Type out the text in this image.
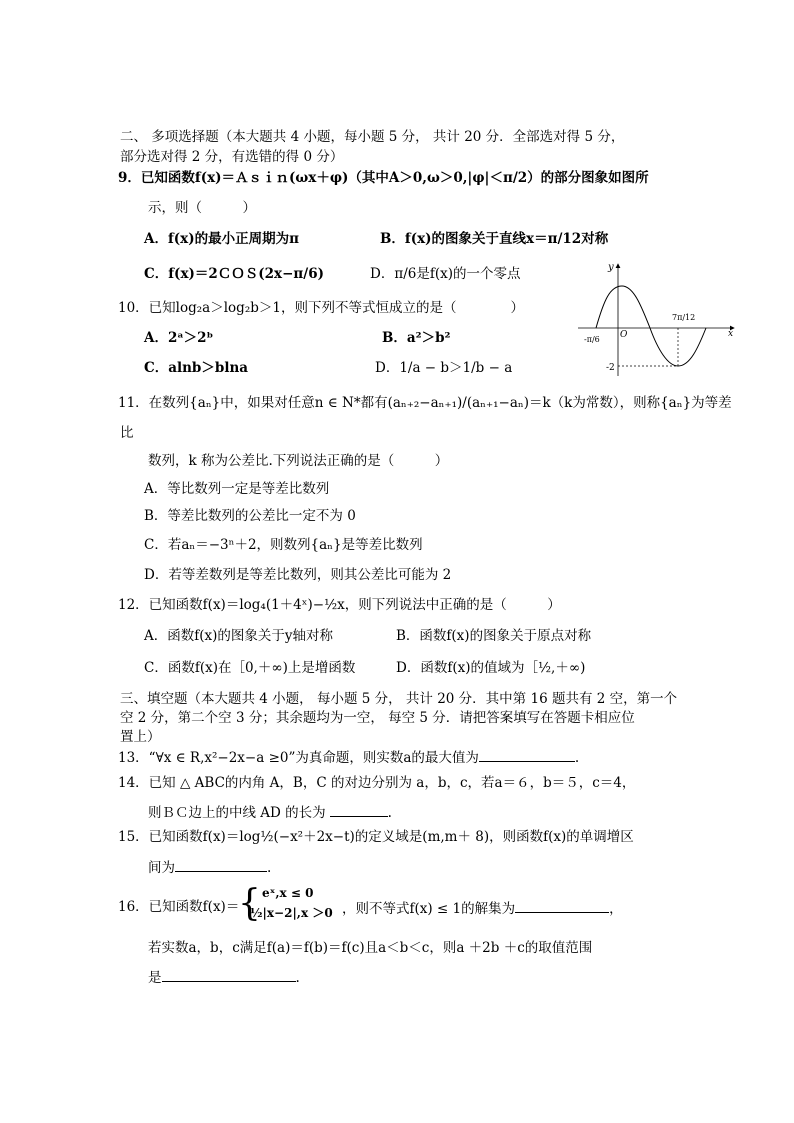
二、 多项选择题（本大题共 4 小题，每小题 5 分， 共计 20 分．全部选对得 5 分，
部分选对得 2 分，有选错的得 0 分）
9．已知函数f(x)＝Ａｓｉｎ(ωx＋φ)（其中A＞0,ω＞0,|φ|＜π/2）的部分图象如图所
示，则（　　　）
A．f(x)的最小正周期为π	B．f(x)的图象关于直线x＝π/12对称
C．f(x)＝2ＣＯＳ(2x−π/6)	D．π/6是f(x)的一个零点	y
x
O
-π/6
7π/12
-2
10．已知log₂a＞log₂b＞1，则下列不等式恒成立的是（　　　　）
A．2ᵃ＞2ᵇ	B．a²＞b²
C．alnb＞blna	D．1/a − b＞1/b − a
11．在数列{aₙ}中，如果对任意n ∈ N*都有(aₙ₊₂−aₙ₊₁)/(aₙ₊₁−aₙ)＝k（k为常数），则称{aₙ}为等差
比
数列，k 称为公差比.下列说法正确的是（　　　）
A．等比数列一定是等差比数列
B．等差比数列的公差比一定不为 0
C．若aₙ＝−3ⁿ＋2，则数列{aₙ}是等差比数列
D．若等差数列是等差比数列，则其公差比可能为 2
12．已知函数f(x)＝log₄(1＋4ˣ)−½x，则下列说法中正确的是（　　　）
A．函数f(x)的图象关于y轴对称	B．函数f(x)的图象关于原点对称
C．函数f(x)在［0,＋∞)上是增函数	D．函数f(x)的值域为［½,＋∞)
三、填空题（本大题共 4 小题， 每小题 5 分， 共计 20 分．其中第 16 题共有 2 空，第一个
空 2 分，第二个空 3 分；其余题均为一空， 每空 5 分．请把答案填写在答题卡相应位
置上）
13．“∀x ∈ R,x²−2x−a ≥0”为真命题，则实数a的最大值为	.
14．已知 △ ABC的内角 A，B，C 的对边分别为 a，b，c，若a＝６，b＝５，c＝4，
则ＢＣ边上的中线 AD 的长为	.
15．已知函数f(x)＝log½(−x²＋2x−t)的定义域是(m,m＋ 8)，则函数f(x)的单调增区
间为	.
16．已知函数f(x)＝
{ eˣ,x ≤ 0
½|x−2|,x ＞0 ，则不等式f(x) ≤ 1的解集为	，
若实数a，b，c满足f(a)＝f(b)＝f(c)且a＜b＜c，则a ＋2b ＋c的取值范围
是	.
